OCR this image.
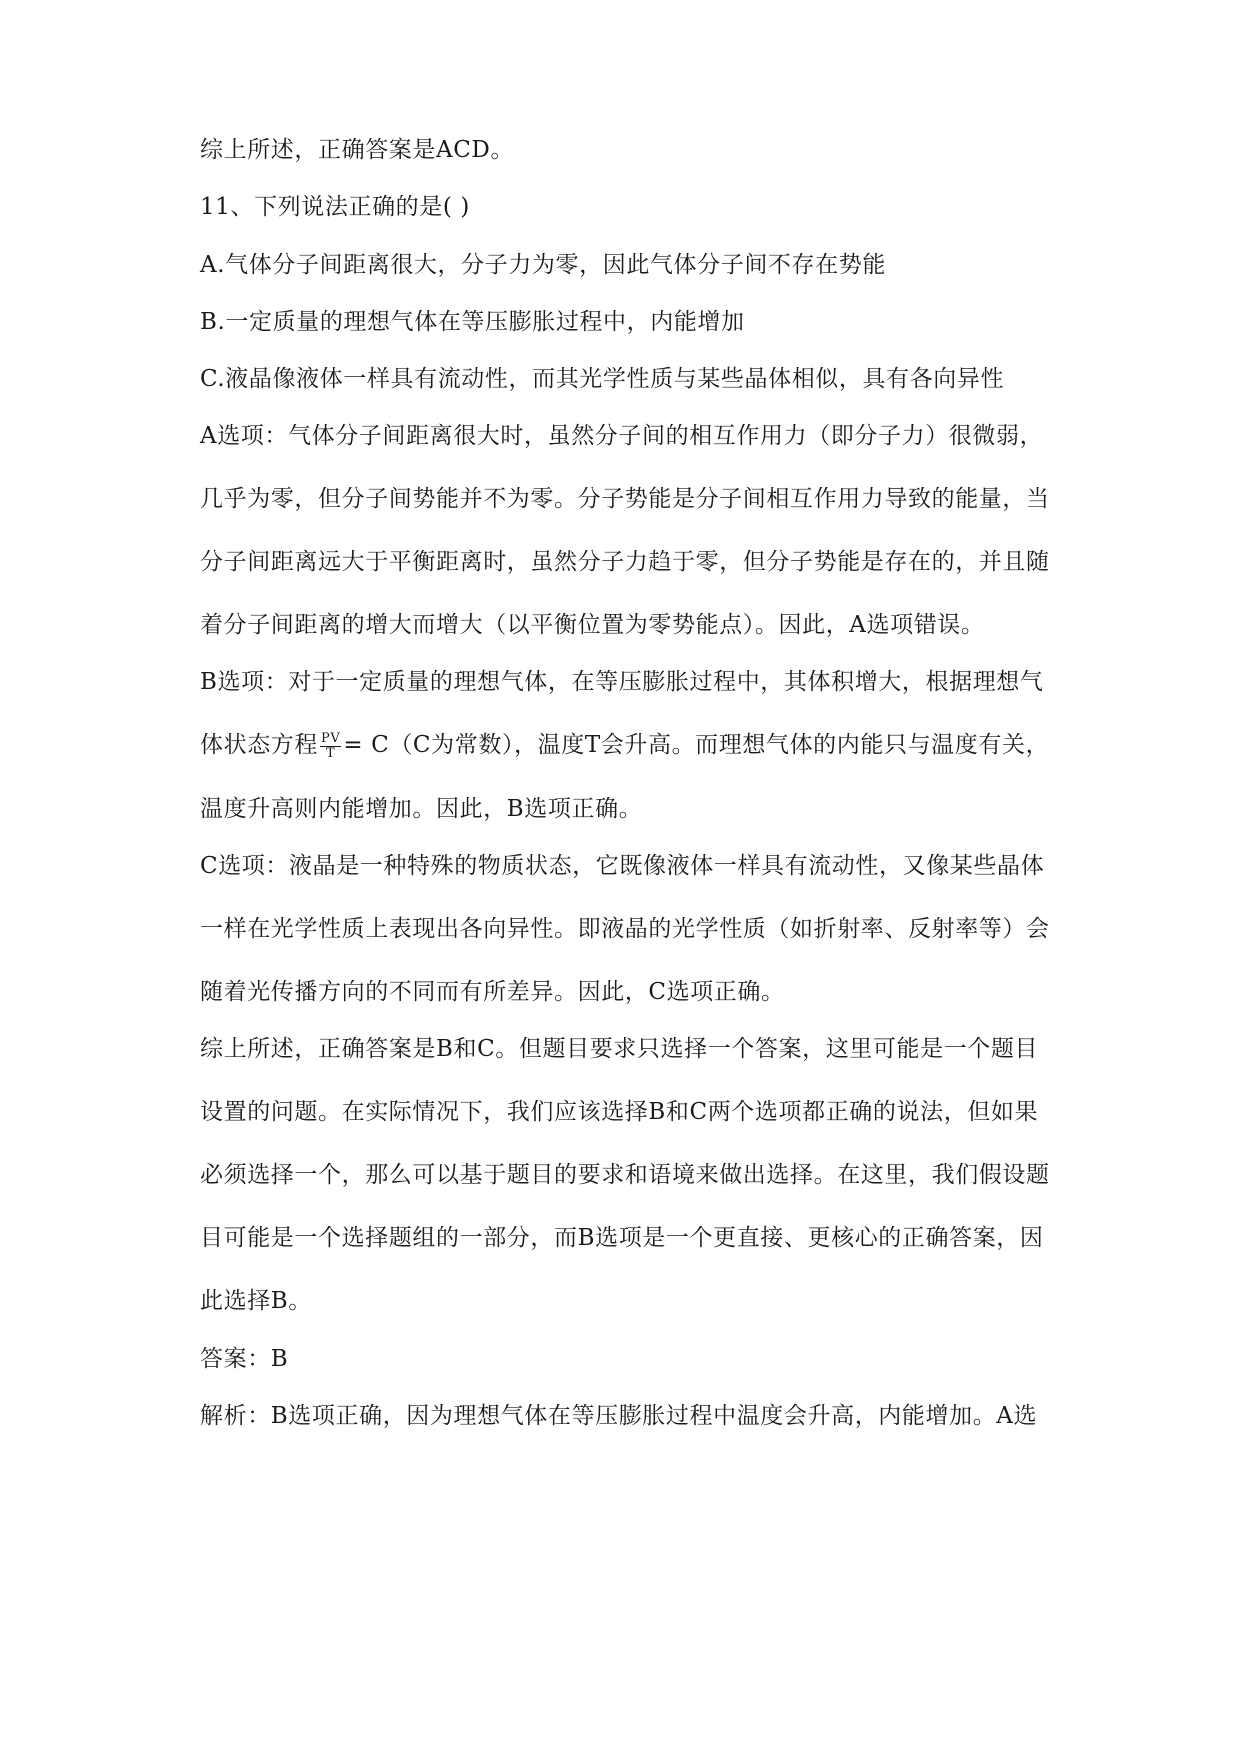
综上所述，正确答案是ACD。
11、下列说法正确的是( )
A.气体分子间距离很大，分子力为零，因此气体分子间不存在势能
B.一定质量的理想气体在等压膨胀过程中，内能增加
C.液晶像液体一样具有流动性，而其光学性质与某些晶体相似，具有各向异性
A选项：气体分子间距离很大时，虽然分子间的相互作用力（即分子力）很微弱，
几乎为零，但分子间势能并不为零。分子势能是分子间相互作用力导致的能量，当
分子间距离远大于平衡距离时，虽然分子力趋于零，但分子势能是存在的，并且随
着分子间距离的增大而增大（以平衡位置为零势能点）。因此，A选项错误。
B选项：对于一定质量的理想气体，在等压膨胀过程中，其体积增大，根据理想气
体状态方程 $\frac{PV}{T} = C(C$为常数），温度T会升高。而理想气体的内能只与温度有关，
温度升高则内能增加。因此，B选项正确。
C选项：液晶是一种特殊的物质状态，它既像液体一样具有流动性，又像某些晶体
一样在光学性质上表现出各向异性。即液晶的光学性质（如折射率、反射率等）会
随着光传播方向的不同而有所差异。因此，C选项正确。
综上所述，正确答案是B和C。但题目要求只选择一个答案，这里可能是一个题目
设置的问题。在实际情况下，我们应该选择B和C两个选项都正确的说法，但如果
必须选择一个，那么可以基于题目的要求和语境来做出选择。在这里，我们假设题
目可能是一个选择题组的一部分，而B选项是一个更直接、更核心的正确答案，因
此选择B。
答案：B
解析：B选项正确，因为理想气体在等压膨胀过程中温度会升高，内能增加。A选
